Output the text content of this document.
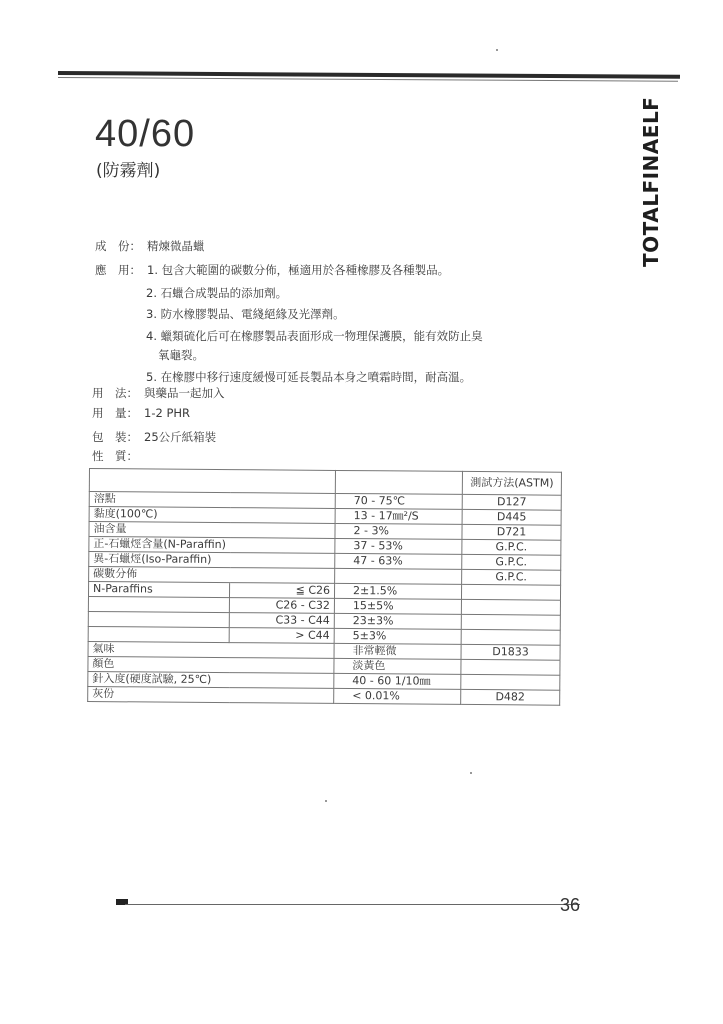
TOTALFINAELF
40/60
(防霧劑)
成　份： 精煉微晶蠟
應　用： 1. 包含大範圍的碳數分佈，極適用於各種橡膠及各種製品。
2. 石蠟合成製品的添加劑。
3. 防水橡膠製品、電綫絕緣及光澤劑。
4. 蠟類硫化后可在橡膠製品表面形成一物理保護膜，能有效防止臭
氧龜裂。
5. 在橡膠中移行速度緩慢可延長製品本身之噴霜時間，耐高溫。
用　法： 與藥品一起加入
用　量： 1-2 PHR
包　裝： 25公斤紙箱裝
性　質：
			測試方法(ASTM)
溶點		70 - 75℃	D127
黏度(100℃)		13 - 17㎜²/S	D445
油含量		2 - 3%	D721
正-石蠟烴含量(N-Paraffin)		37 - 53%	G.P.C.
異-石蠟烴(Iso-Paraffin)		47 - 63%	G.P.C.
碳數分佈			G.P.C.
N-Paraffins	≦ C26	2±1.5%	
	C26 - C32	15±5%	
	C33 - C44	23±3%	
	> C44	5±3%	
氣味		非常輕微	D1833
顏色		淡黃色	
針入度(硬度試驗, 25℃)		40 - 60 1/10㎜	
灰份		< 0.01%	D482
36
